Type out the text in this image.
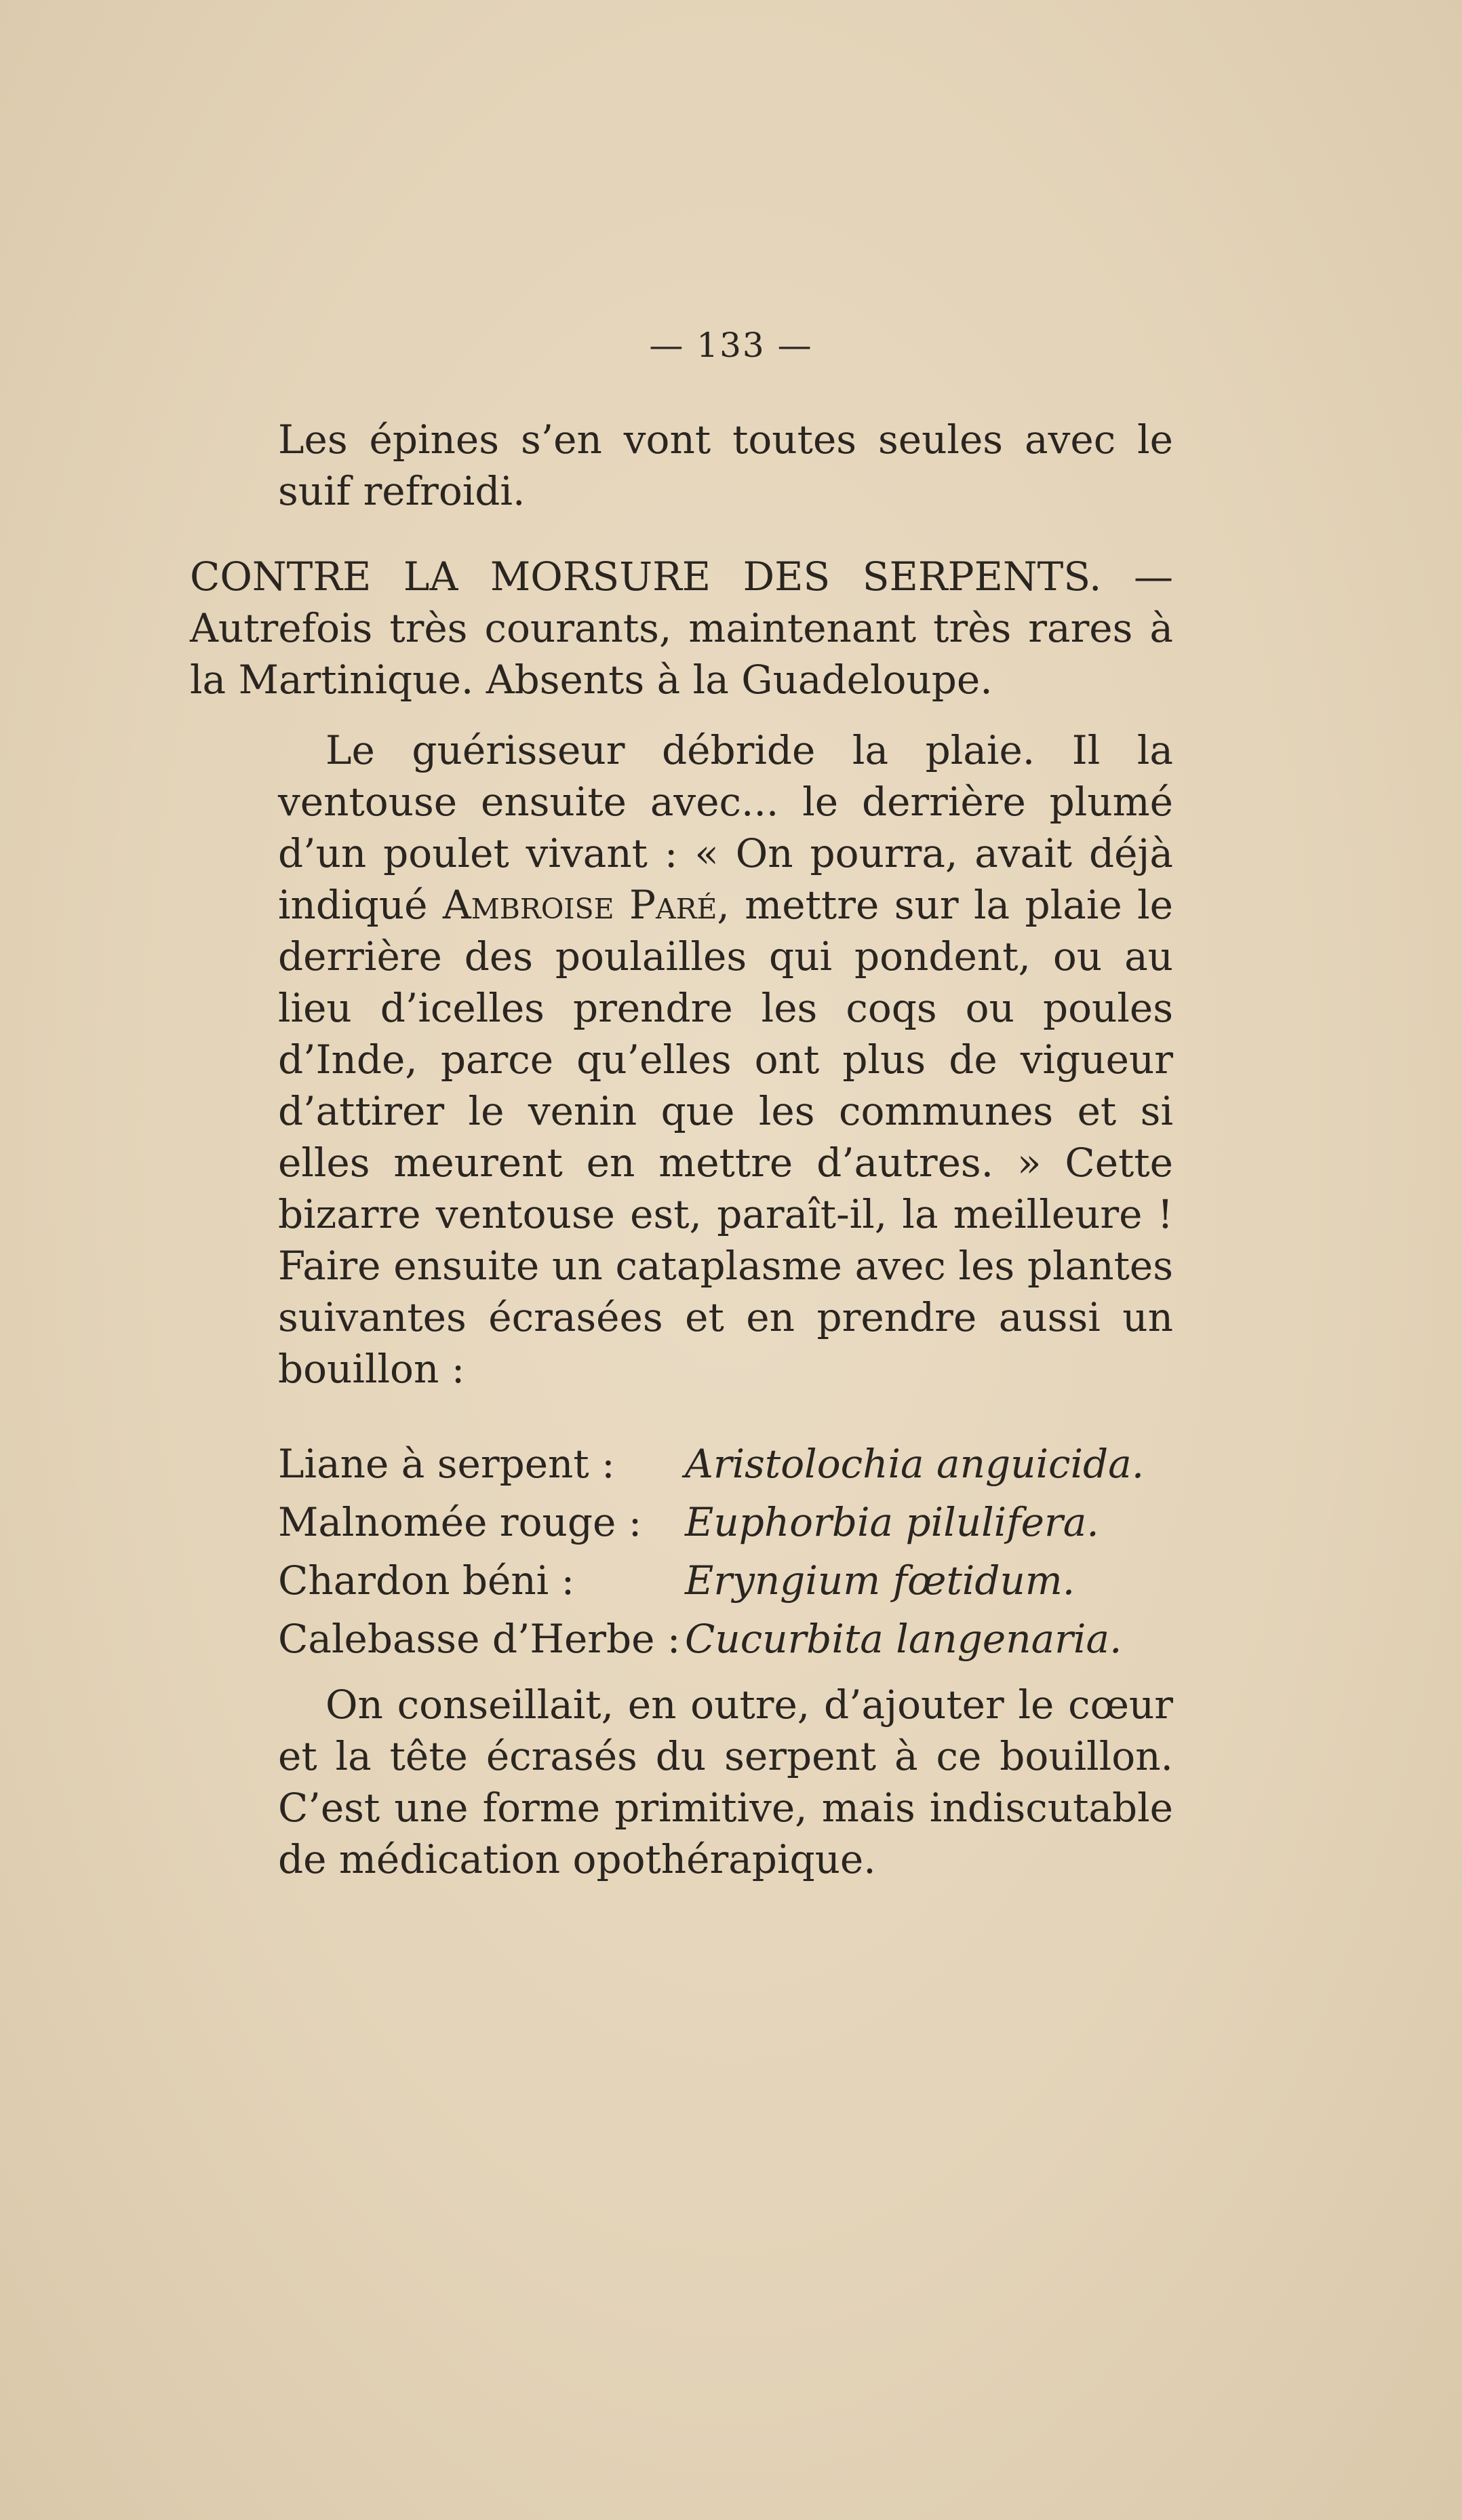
— 133 —

Les épines s’en vont toutes seules avec le suif refroidi.

CONTRE LA MORSURE DES SERPENTS. — Autrefois très courants, maintenant très rares à la Martinique. Absents à la Guadeloupe.

Le guérisseur débride la plaie. Il la ventouse ensuite avec... le derrière plumé d’un poulet vivant : « On pourra, avait déjà indiqué Ambroise Paré, mettre sur la plaie le derrière des poulailles qui pondent, ou au lieu d’icelles prendre les coqs ou poules d’Inde, parce qu’elles ont plus de vigueur d’attirer le venin que les communes et si elles meurent en mettre d’autres. » Cette bizarre ventouse est, paraît-il, la meilleure ! Faire ensuite un cataplasme avec les plantes suivantes écrasées et en prendre aussi un bouillon :

Liane à serpent :	Aristolochia anguicida.
Malnomée rouge :	Euphorbia pilulifera.
Chardon béni :	Eryngium fœtidum.
Calebasse d’Herbe : Cucurbita langenaria.

On conseillait, en outre, d’ajouter le cœur et la tête écrasés du serpent à ce bouillon. C’est une forme primitive, mais indiscutable de médication opothérapique.
